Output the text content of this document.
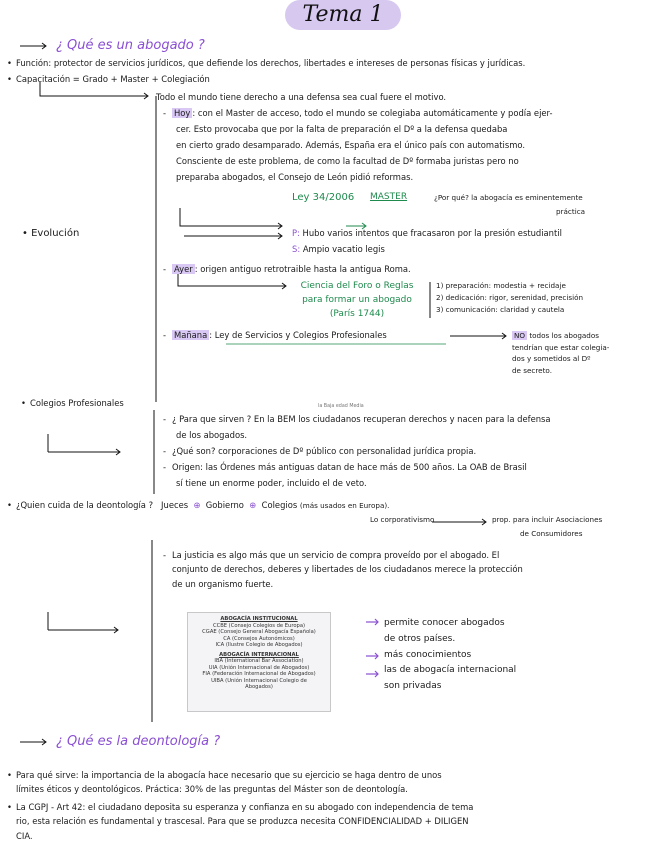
Tema 1
¿ Qué es un abogado ?
• Función: protector de servicios jurídicos, que defiende los derechos, libertades e intereses de personas físicas y jurídicas.
• Capacitación = Grado + Master + Colegiación
Todo el mundo tiene derecho a una defensa sea cual fuere el motivo.
- Hoy : con el Master de acceso, todo el mundo se colegiaba automáticamente y podía ejer-
cer. Esto provocaba que por la falta de preparación el Dº a la defensa quedaba
en cierto grado desamparado. Además, España era el único país con automatismo.
Consciente de este problema, de como la facultad de Dº formaba juristas pero no
preparaba abogados, el Consejo de León pidió reformas.
Ley 34/2006 MASTER	¿Por qué? la abogacía es eminentemente
práctica
• Evolución	P: Hubo varios intentos que fracasaron por la presión estudiantil
S: Ampio vacatio legis
- Ayer : origen antiguo retrotraible hasta la antigua Roma.
Ciencia del Foro o Reglas
para formar un abogado
(París 1744)
1) preparación: modestia + recidaje
2) dedicación: rigor, serenidad, precisión
3) comunicación: claridad y cautela
- Mañana : Ley de Servicios y Colegios Profesionales	NO todos los abogados
tendrían que estar colegia-
dos y sometidos al Dº
de secreto.
• Colegios Profesionales	la Baja edad Media
- ¿ Para que sirven ? En la BEM los ciudadanos recuperan derechos y nacen para la defensa
de los abogados.
- ¿Qué son? corporaciones de Dº público con personalidad jurídica propia.
- Origen: las Órdenes más antiguas datan de hace más de 500 años. La OAB de Brasil
sí tiene un enorme poder, incluido el de veto.
• ¿Quien cuida de la deontología ? Jueces  ⊕  Gobierno  ⊕  Colegios (más usados en Europa).
Lo corporativismo	prop. para incluir Asociaciones
de Consumidores
- La justicia es algo más que un servicio de compra proveído por el abogado. El
conjunto de derechos, deberes y libertades de los ciudadanos merece la protección
de un organismo fuerte.
ABOGACÍA INSTITUCIONAL
CCBE (Consejo Colegios de Europa)
CGAE (Consejo General Abogacía Española)
CA (Consejos Autonómicos)
ICA (Ilustre Colegio de Abogados)
ABOGACÍA INTERNACIONAL
IBA (International Bar Association)
UIA (Unión Internacional de Abogados)
FIA (Federación Internacional de Abogados)
UIBA (Unión Internacional Colegio de
Abogados)
permite conocer abogados
de otros países.
más conocimientos
las de abogacía internacional
son privadas
¿ Qué es la deontología ?
• Para qué sirve: la importancia de la abogacía hace necesario que su ejercicio se haga dentro de unos
límites éticos y deontológicos. Práctica: 30% de las preguntas del Máster son de deontología.
• La CGPJ - Art 42: el ciudadano deposita su esperanza y confianza en su abogado con independencia de tema
rio, esta relación es fundamental y trascesal. Para que se produzca necesita CONFIDENCIALIDAD + DILIGEN
CIA.
